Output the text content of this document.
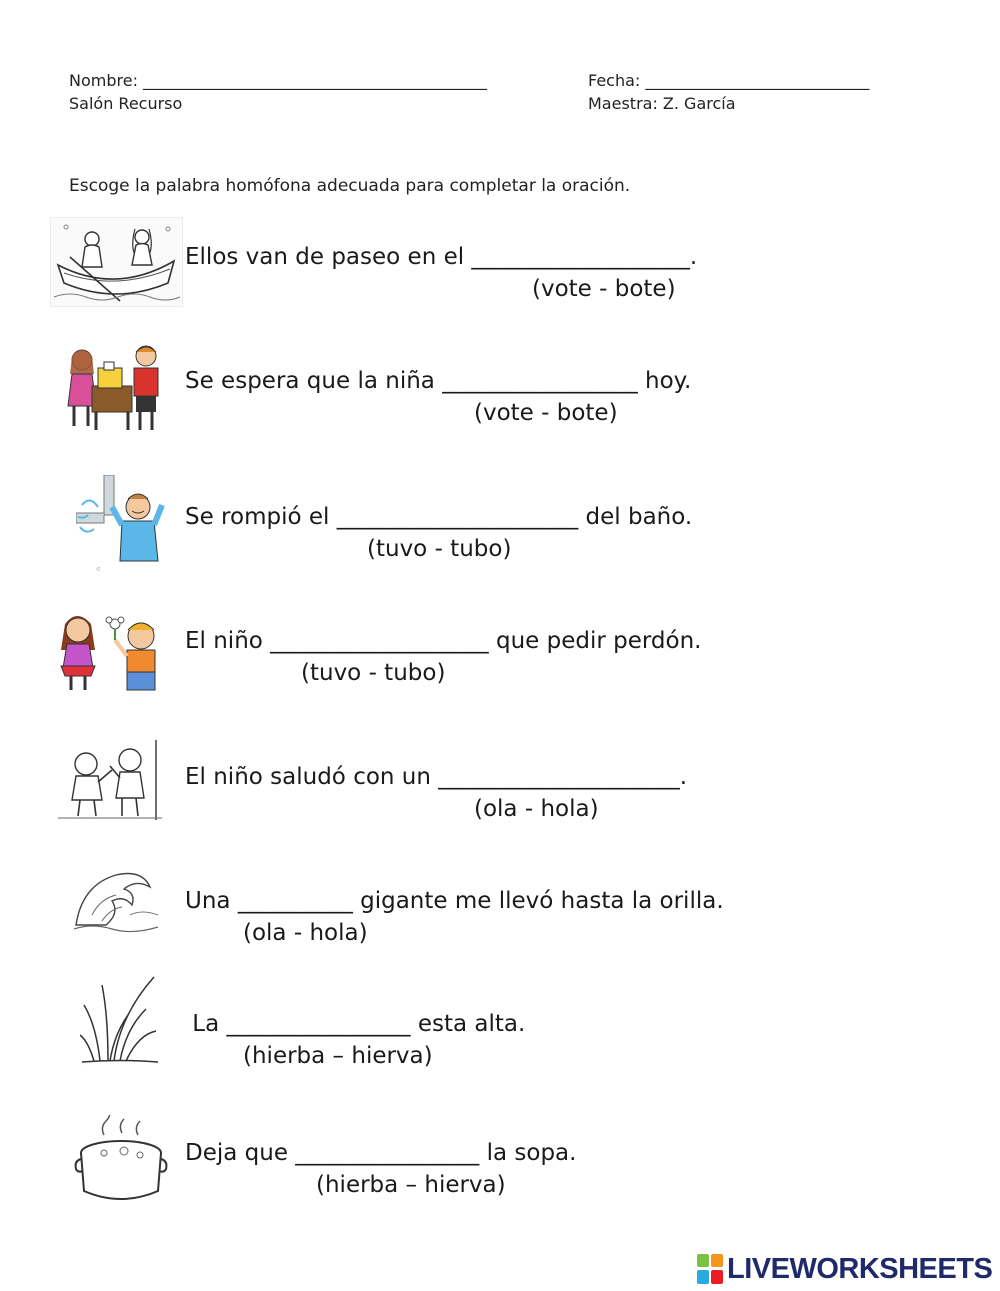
Nombre: ___________________________________________	Fecha: ____________________________
Salón Recurso	Maestra: Z. García
Escoge la palabra homófona adecuada para completar la oración.
Ellos van de paseo en el ___________________.
(vote - bote)
Se espera que la niña _________________ hoy.
(vote - bote)
©
Se rompió el _____________________ del baño.
(tuvo - tubo)
El niño ___________________ que pedir perdón.
(tuvo - tubo)
El niño saludó con un _____________________.
(ola - hola)
Una __________ gigante me llevó hasta la orilla.
(ola - hola)
·
La ________________ esta alta.
(hierba – hierva)
Deja que ________________ la sopa.
(hierba – hierva)
LIVEWORKSHEETS
